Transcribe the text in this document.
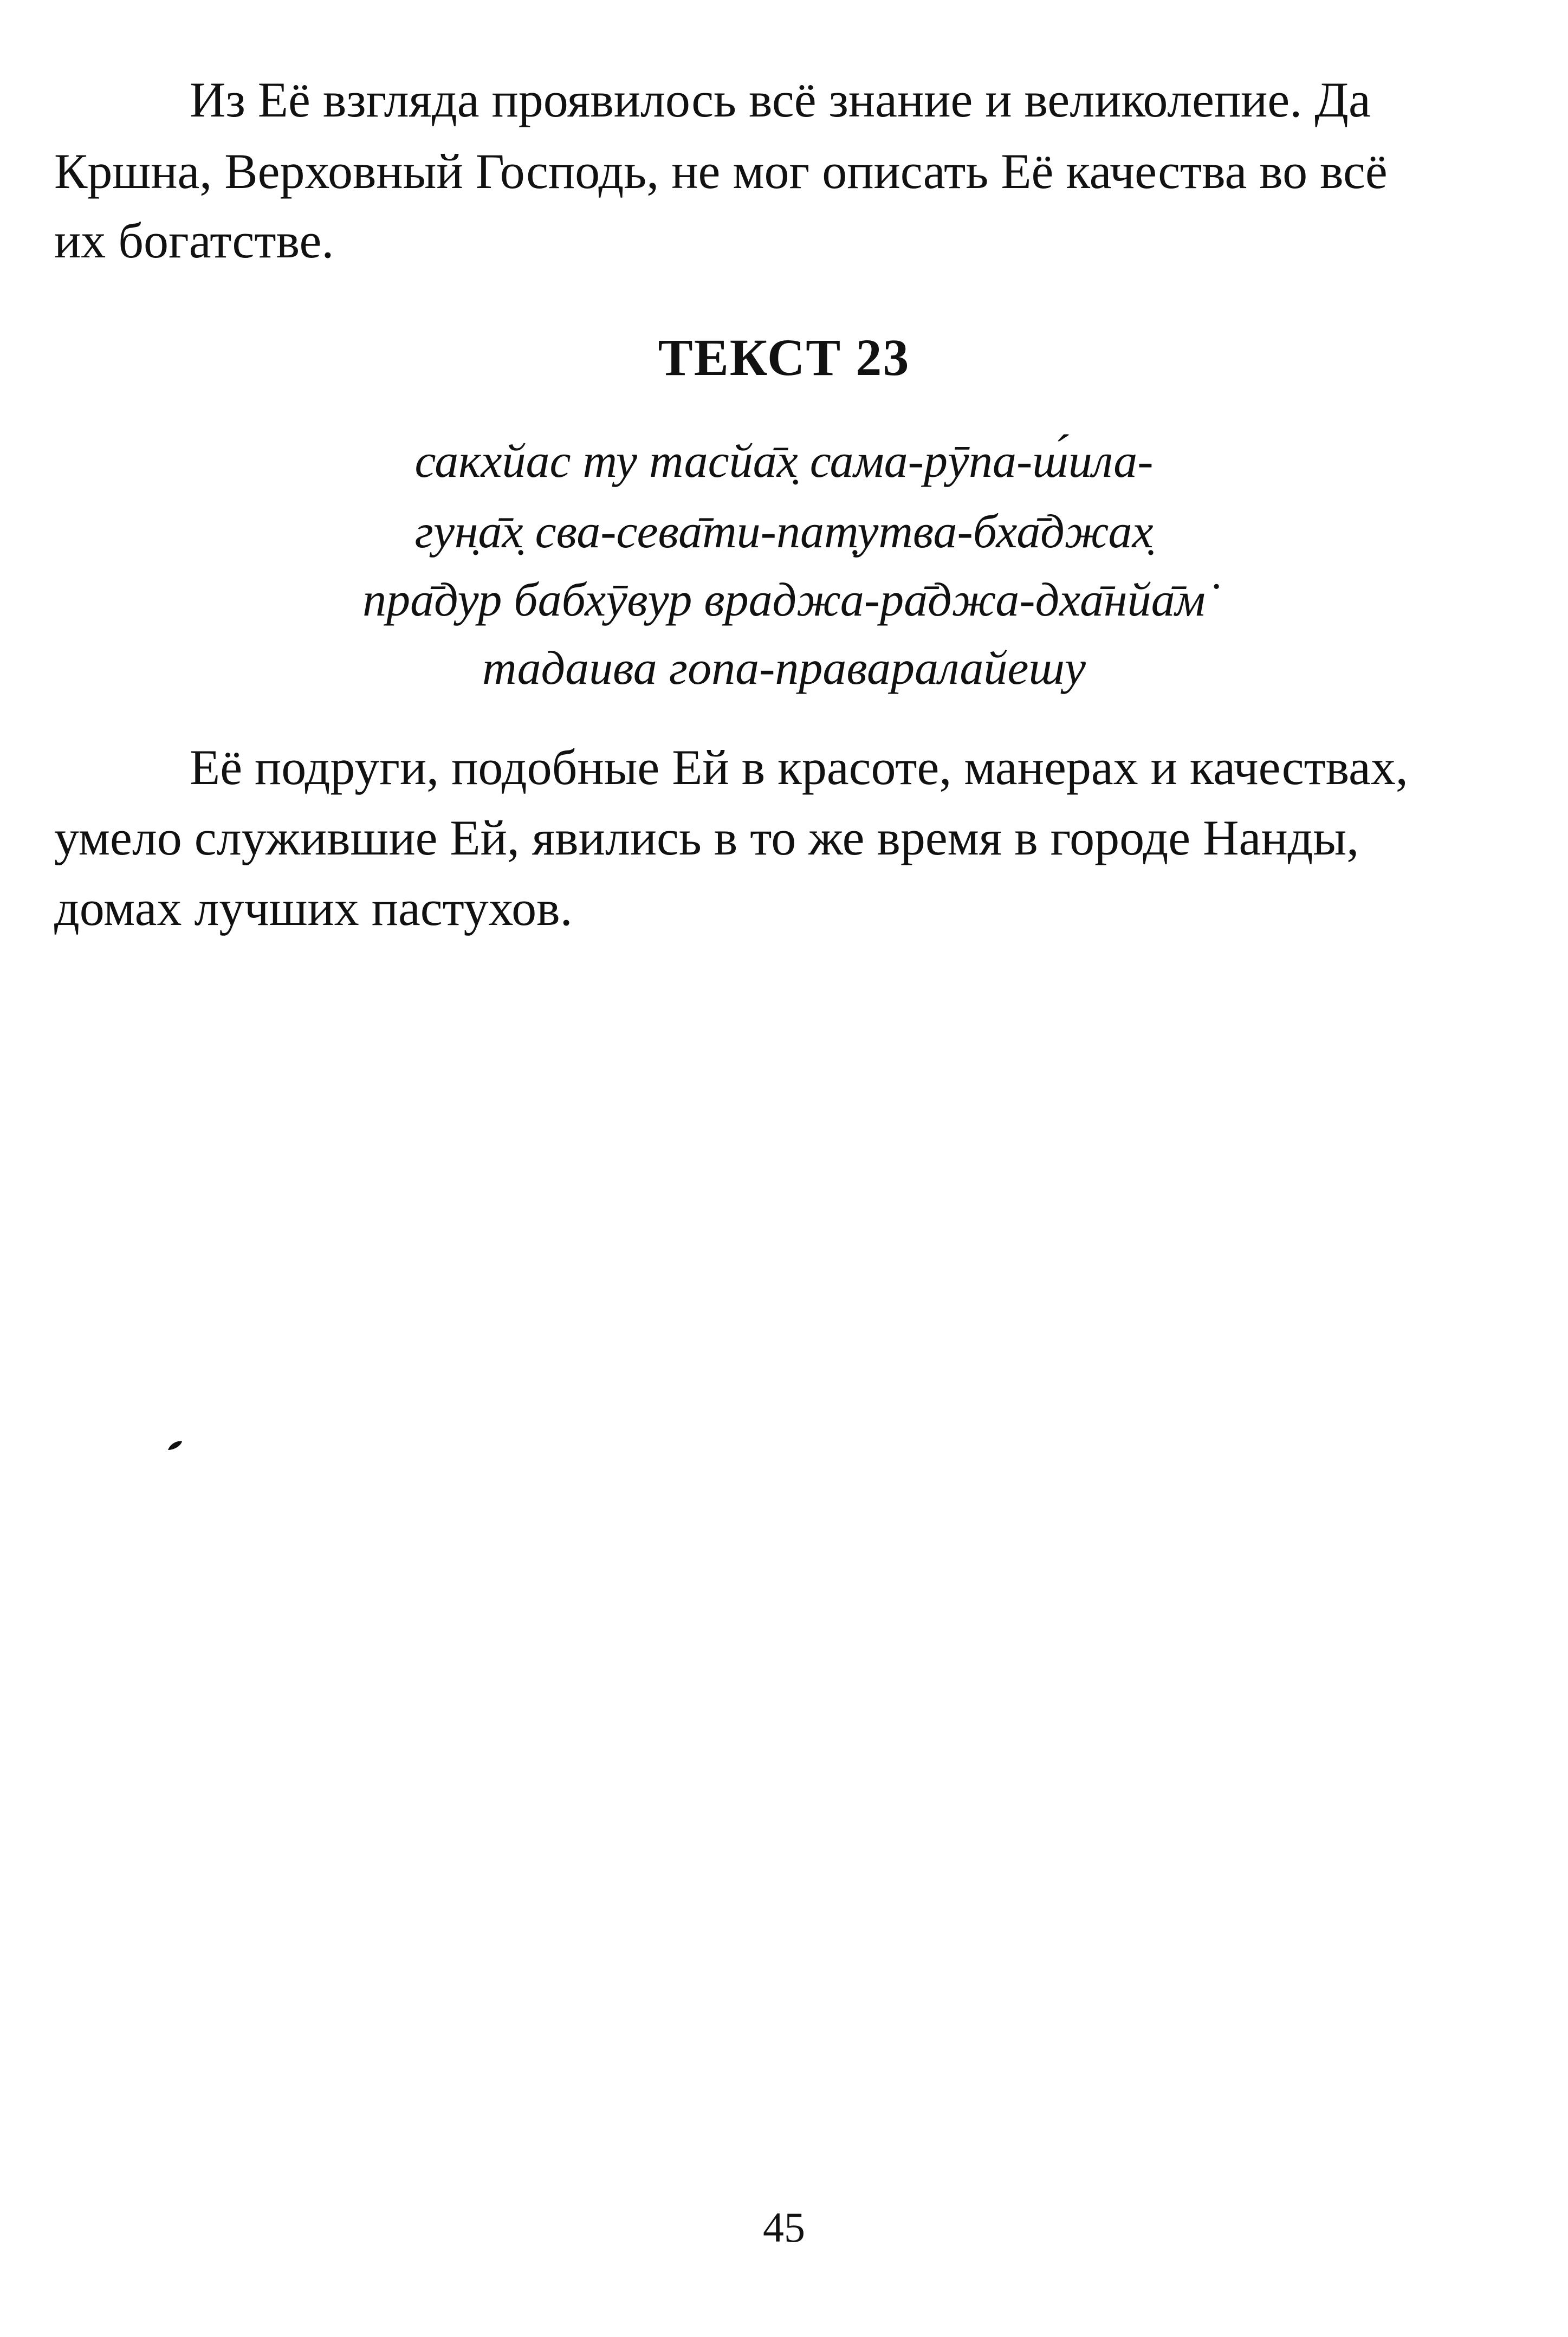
Из Её взгляда проявилось всё знание и великолепие. Да
Кршна, Верховный Господь, не мог описать Её качества во всё
их богатстве.
ТЕКСТ 23
сакхйас ту тасйа̄х̣ сама-рӯпа-ш́ила-
гун̣а̄х̣ сва-сева̄ти-пат̣утва-бха̄джах̣
пра̄дур бабхӯвур враджа-ра̄джа-дха̄нйа̄м̇
тадаива гопа-праваралайешу
Её подруги, подобные Ей в красоте, манерах и качествах,
умело служившие Ей, явились в то же время в городе Нанды,
домах лучших пастухов.
45
